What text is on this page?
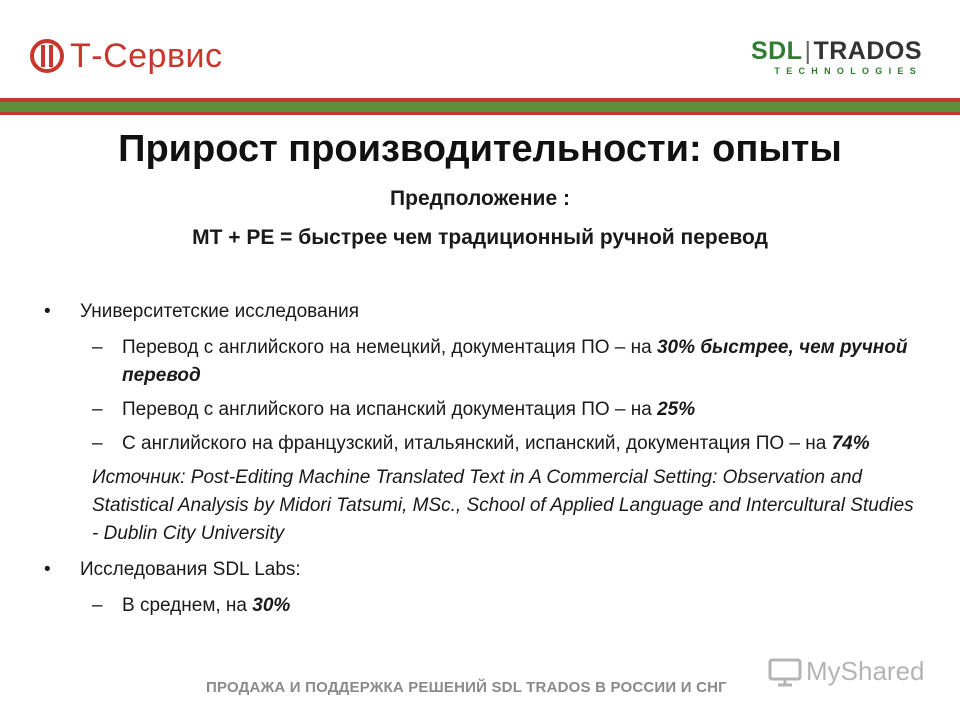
Т-Сервис	SDL | TRADOS
TECHNOLOGIES
Прирост производительности: опыты
Предположение :
MT + PE = быстрее чем традиционный ручной перевод
• Университетские исследования
– Перевод с английского на немецкий, документация ПО – на 30% быстрее, чем ручной перевод
– Перевод с английского на испанский документация ПО – на 25%
– С английского на французский, итальянский, испанский, документация ПО – на 74%
Источник: Post-Editing Machine Translated Text in A Commercial Setting: Observation and Statistical Analysis by Midori Tatsumi, MSc., School of Applied Language and Intercultural Studies - Dublin City University
• Исследования SDL Labs:
– В среднем, на 30%
ПРОДАЖА И ПОДДЕРЖКА РЕШЕНИЙ SDL TRADOS В РОССИИ И СНГ
MyShared
